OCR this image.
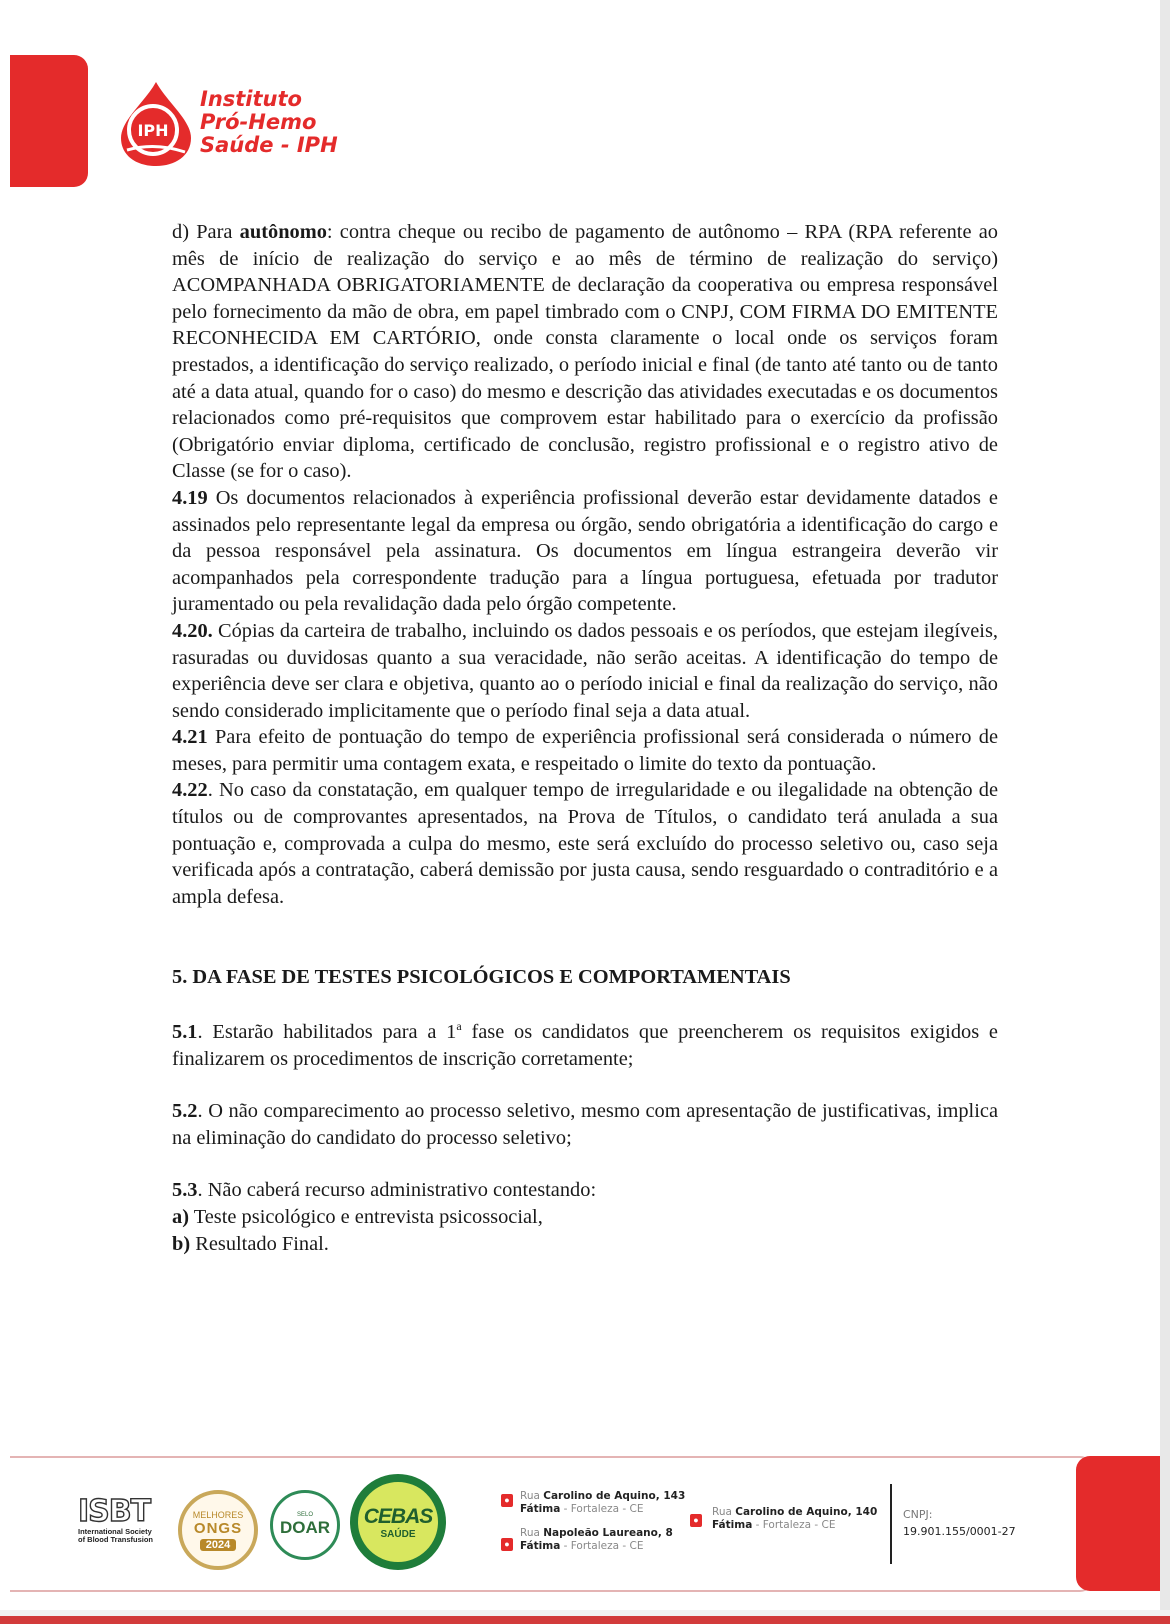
IPH
Instituto
Pró-Hemo
Saúde - IPH

d) Para autônomo: contra cheque ou recibo de pagamento de autônomo – RPA (RPA referente ao mês de início de realização do serviço e ao mês de término de realização do serviço) ACOMPANHADA OBRIGATORIAMENTE de declaração da cooperativa ou empresa responsável pelo fornecimento da mão de obra, em papel timbrado com o CNPJ, COM FIRMA DO EMITENTE RECONHECIDA EM CARTÓRIO, onde consta claramente o local onde os serviços foram prestados, a identificação do serviço realizado, o período inicial e final (de tanto até tanto ou de tanto até a data atual, quando for o caso) do mesmo e descrição das atividades executadas e os documentos relacionados como pré-requisitos que comprovem estar habilitado para o exercício da profissão (Obrigatório enviar diploma, certificado de conclusão, registro profissional e o registro ativo de Classe (se for o caso).

4.19 Os documentos relacionados à experiência profissional deverão estar devidamente datados e assinados pelo representante legal da empresa ou órgão, sendo obrigatória a identificação do cargo e da pessoa responsável pela assinatura. Os documentos em língua estrangeira deverão vir acompanhados pela correspondente tradução para a língua portuguesa, efetuada por tradutor juramentado ou pela revalidação dada pelo órgão competente.

4.20. Cópias da carteira de trabalho, incluindo os dados pessoais e os períodos, que estejam ilegíveis, rasuradas ou duvidosas quanto a sua veracidade, não serão aceitas. A identificação do tempo de experiência deve ser clara e objetiva, quanto ao o período inicial e final da realização do serviço, não sendo considerado implicitamente que o período final seja a data atual.

4.21 Para efeito de pontuação do tempo de experiência profissional será considerada o número de meses, para permitir uma contagem exata, e respeitado o limite do texto da pontuação.

4.22. No caso da constatação, em qualquer tempo de irregularidade e ou ilegalidade na obtenção de títulos ou de comprovantes apresentados, na Prova de Títulos, o candidato terá anulada a sua pontuação e, comprovada a culpa do mesmo, este será excluído do processo seletivo ou, caso seja verificada após a contratação, caberá demissão por justa causa, sendo resguardado o contraditório e a ampla defesa.

5. DA FASE DE TESTES PSICOLÓGICOS E COMPORTAMENTAIS

5.1. Estarão habilitados para a 1$^a$ fase os candidatos que preencherem os requisitos exigidos e finalizarem os procedimentos de inscrição corretamente;

5.2. O não comparecimento ao processo seletivo, mesmo com apresentação de justificativas, implica na eliminação do candidato do processo seletivo;

5.3. Não caberá recurso administrativo contestando:

a) Teste psicológico e entrevista psicossocial,

b) Resultado Final.

ISBT
International Society of Blood Transfusion
MELHORES
ONGS
2024
SELO
DOAR CEBAS
SAÚDE
● Rua Carolino de Aquino, 143
Fátima - Fortaleza - CE
●
Rua Napoleão Laureano, 8
Fátima - Fortaleza - CE
●
Rua Carolino de Aquino, 140
Fátima - Fortaleza - CE
CNPJ:
19.901.155/0001-27
